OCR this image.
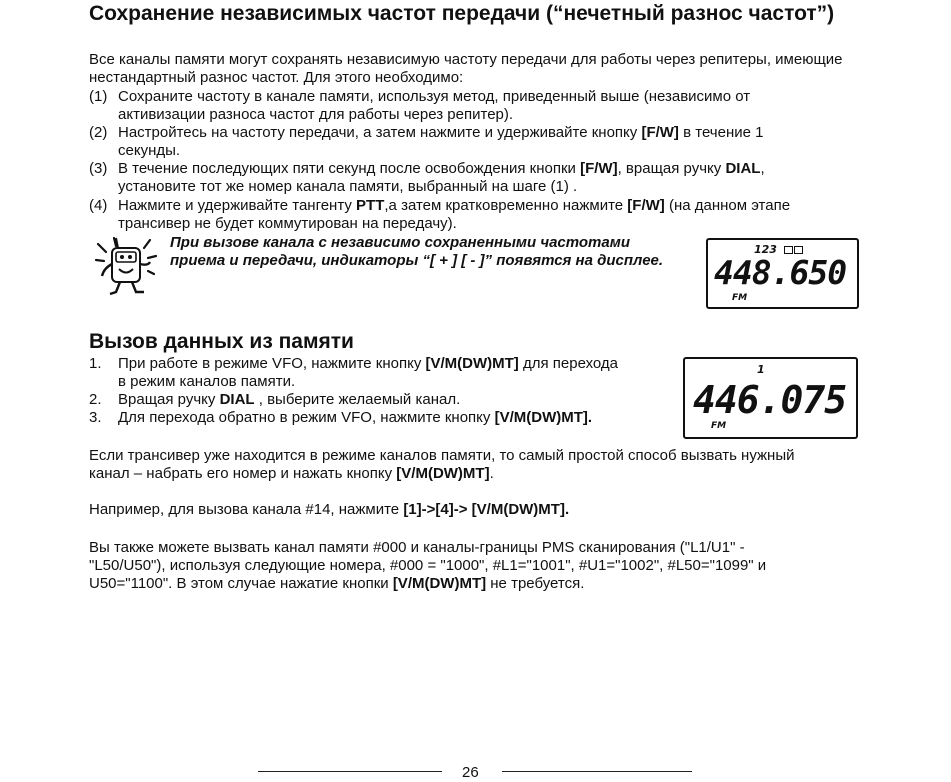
Сохранение независимых частот передачи (“нечетный разнос частот”)
Все каналы памяти могут сохранять независимую частоту передачи для работы через репитеры, имеющие нестандартный разнос частот. Для этого необходимо:
(1) Сохраните частоту в канале памяти, используя метод, приведенный выше (независимо от
активизации разноса частот для работы через репитер).
(2) Настройтесь на частоту передачи, а затем нажмите и удерживайте кнопку [F/W] в течение 1
секунды.
(3) В течение последующих пяти секунд после освобождения кнопки [F/W], вращая ручку DIAL,
установите тот же номер канала памяти, выбранный на шаге (1) .
(4) Нажмите и удерживайте тангенту PTT,а затем кратковременно нажмите [F/W] (на данном этапе
трансивер не будет коммутирован на передачу).
При вызове канала с независимо сохраненными частотами приема и передачи, индикаторы “[ + ] [ - ]” появятся на дисплее.
123
448.650
FM
Вызов данных из памяти
1. При работе в режиме VFO, нажмите кнопку [V/M(DW)MT] для перехода
в режим каналов памяти.
2. Вращая ручку DIAL , выберите желаемый канал.
3. Для перехода обратно в режим VFO, нажмите кнопку [V/M(DW)MT].
1
446.075
FM
Если трансивер уже находится в режиме каналов памяти, то самый простой способ вызвать нужный
канал – набрать его номер и нажать кнопку [V/M(DW)MT].
Например, для вызова канала #14, нажмите [1]->[4]-> [V/M(DW)MT].
Вы также можете вызвать канал памяти #000 и каналы-границы PMS сканирования ("L1/U1" -
"L50/U50"), используя следующие номера, #000 = "1000", #L1="1001", #U1="1002", #L50="1099" и
U50="1100". В этом случае нажатие кнопки [V/M(DW)MT] не требуется.
26
